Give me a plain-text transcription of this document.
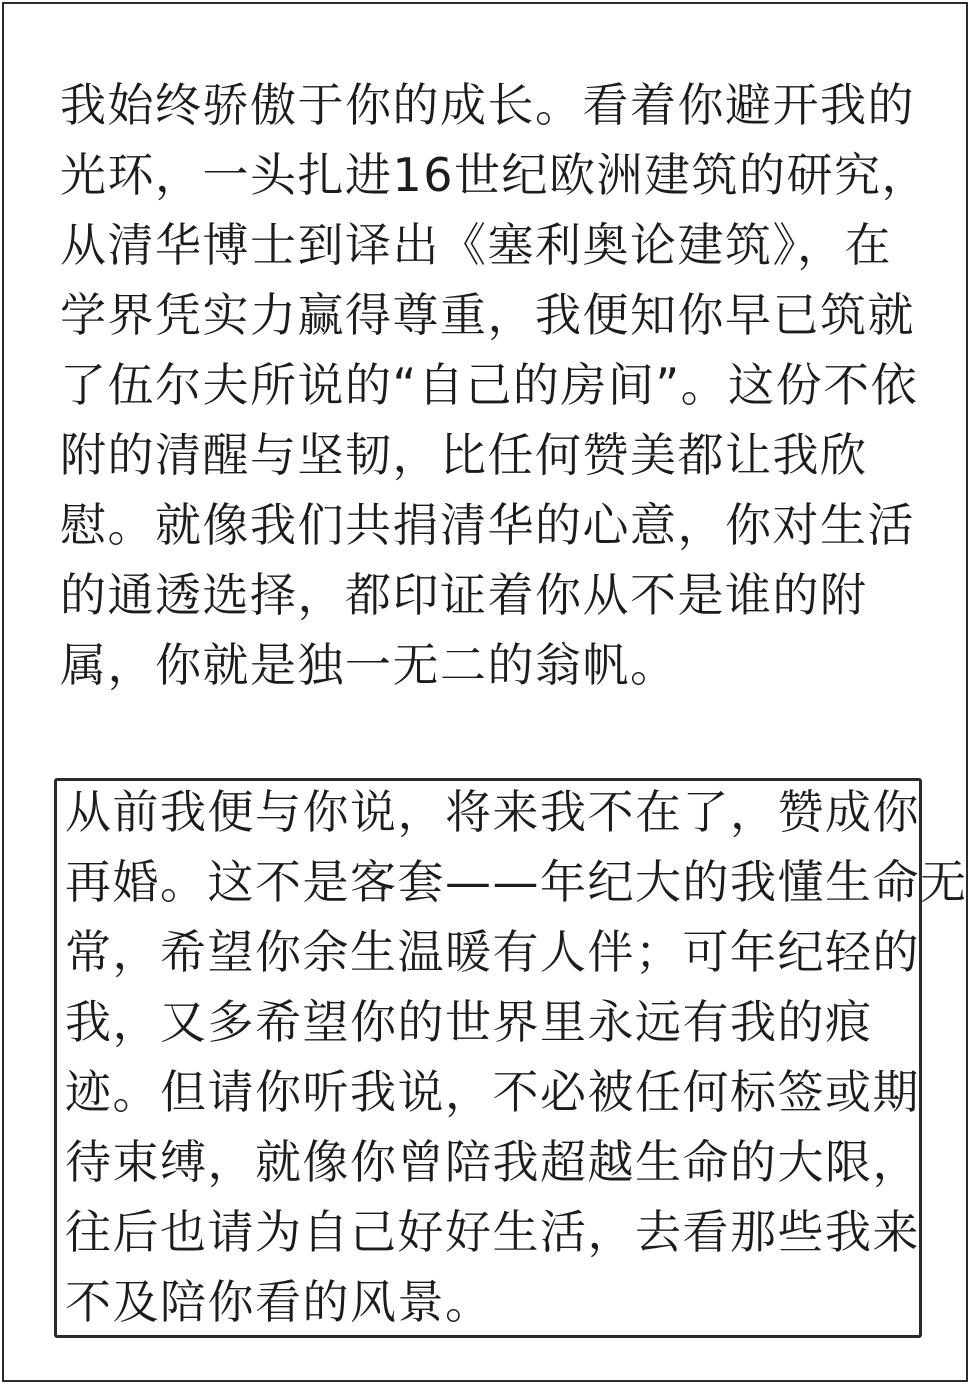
我始终骄傲于你的成长。看着你避开我的
光环，一头扎进16世纪欧洲建筑的研究，
从清华博士到译出《塞利奥论建筑》，在
学界凭实力赢得尊重，我便知你早已筑就
了伍尔夫所说的“自己的房间”。这份不依
附的清醒与坚韧，比任何赞美都让我欣
慰。就像我们共捐清华的心意，你对生活
的通透选择，都印证着你从不是谁的附
属，你就是独一无二的翁帆。
从前我便与你说，将来我不在了，赞成你
再婚。这不是客套——年纪大的我懂生命无
常，希望你余生温暖有人伴；可年纪轻的
我，又多希望你的世界里永远有我的痕
迹。但请你听我说，不必被任何标签或期
待束缚，就像你曾陪我超越生命的大限，
往后也请为自己好好生活，去看那些我来
不及陪你看的风景。
